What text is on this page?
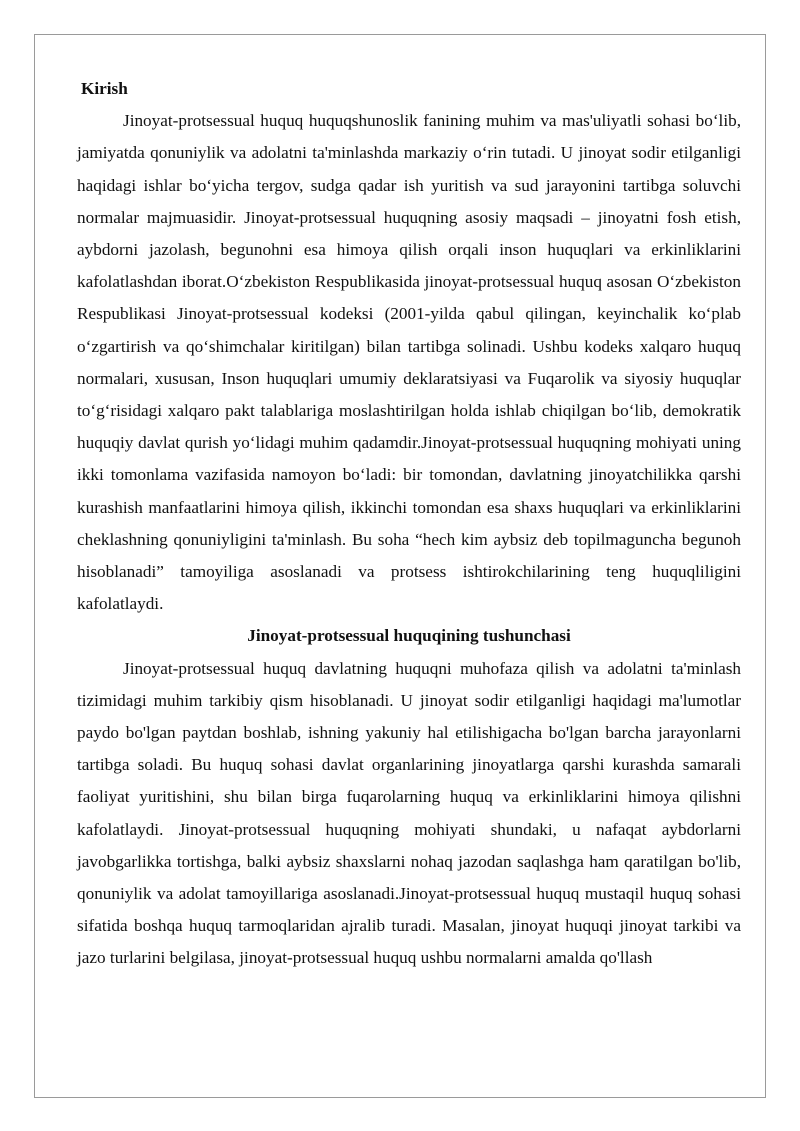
Kirish

Jinoyat-protsessual huquq huquqshunoslik fanining muhim va mas'uliyatli sohasi bo‘lib, jamiyatda qonuniylik va adolatni ta'minlashda markaziy o‘rin tutadi. U jinoyat sodir etilganligi haqidagi ishlar bo‘yicha tergov, sudga qadar ish yuritish va sud jarayonini tartibga soluvchi normalar majmuasidir. Jinoyat-protsessual huquqning asosiy maqsadi – jinoyatni fosh etish, aybdorni jazolash, begunohni esa himoya qilish orqali inson huquqlari va erkinliklarini kafolatlashdan iborat.O‘zbekiston Respublikasida jinoyat-protsessual huquq asosan O‘zbekiston Respublikasi Jinoyat-protsessual kodeksi (2001-yilda qabul qilingan, keyinchalik ko‘plab o‘zgartirish va qo‘shimchalar kiritilgan) bilan tartibga solinadi. Ushbu kodeks xalqaro huquq normalari, xususan, Inson huquqlari umumiy deklaratsiyasi va Fuqarolik va siyosiy huquqlar to‘g‘risidagi xalqaro pakt talablariga moslashtirilgan holda ishlab chiqilgan bo‘lib, demokratik huquqiy davlat qurish yo‘lidagi muhim qadamdir.Jinoyat-protsessual huquqning mohiyati uning ikki tomonlama vazifasida namoyon bo‘ladi: bir tomondan, davlatning jinoyatchilikka qarshi kurashish manfaatlarini himoya qilish, ikkinchi tomondan esa shaxs huquqlari va erkinliklarini cheklashning qonuniyligini ta'minlash. Bu soha “hech kim aybsiz deb topilmaguncha begunoh hisoblanadi” tamoyiliga asoslanadi va protsess ishtirokchilarining teng huquqliligini kafolatlaydi.

Jinoyat-protsessual huquqining tushunchasi

Jinoyat-protsessual huquq davlatning huquqni muhofaza qilish va adolatni ta'minlash tizimidagi muhim tarkibiy qism hisoblanadi. U jinoyat sodir etilganligi haqidagi ma'lumotlar paydo bo'lgan paytdan boshlab, ishning yakuniy hal etilishigacha bo'lgan barcha jarayonlarni tartibga soladi. Bu huquq sohasi davlat organlarining jinoyatlarga qarshi kurashda samarali faoliyat yuritishini, shu bilan birga fuqarolarning huquq va erkinliklarini himoya qilishni kafolatlaydi. Jinoyat-protsessual huquqning mohiyati shundaki, u nafaqat aybdorlarni javobgarlikka tortishga, balki aybsiz shaxslarni nohaq jazodan saqlashga ham qaratilgan bo'lib, qonuniylik va adolat tamoyillariga asoslanadi.Jinoyat-protsessual huquq mustaqil huquq sohasi sifatida boshqa huquq tarmoqlaridan ajralib turadi. Masalan, jinoyat huquqi jinoyat tarkibi va jazo turlarini belgilasa, jinoyat-protsessual huquq ushbu normalarni amalda qo'llash
